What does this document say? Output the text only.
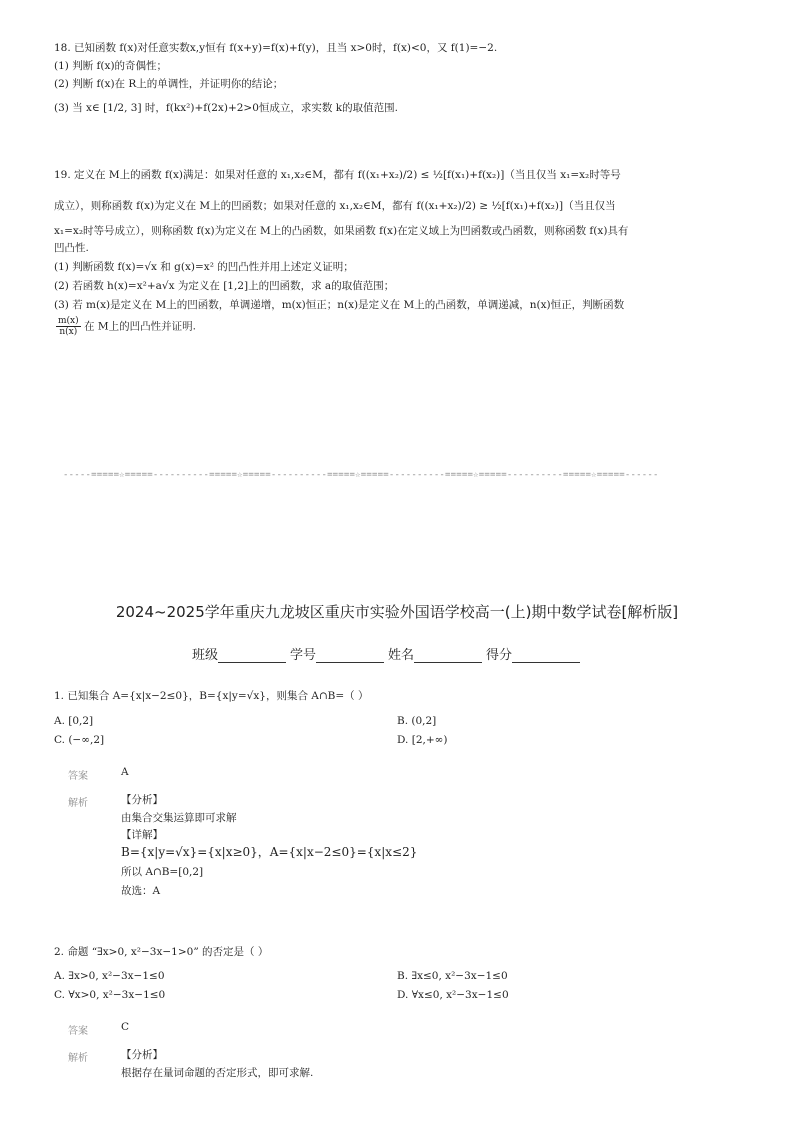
18. 已知函数 f(x)对任意实数x,y恒有 f(x+y)=f(x)+f(y)，且当 x>0时，f(x)<0，又 f(1)=−2.
(1) 判断 f(x)的奇偶性；
(2) 判断 f(x)在 R上的单调性，并证明你的结论；
(3) 当 x∈ [1/2, 3] 时，f(kx²)+f(2x)+2>0恒成立，求实数 k的取值范围.
19. 定义在 M上的函数 f(x)满足：如果对任意的 x₁,x₂∈M，都有 f((x₁+x₂)/2) ≤ ½[f(x₁)+f(x₂)]（当且仅当 x₁=x₂时等号
成立），则称函数 f(x)为定义在 M上的凹函数；如果对任意的 x₁,x₂∈M，都有 f((x₁+x₂)/2) ≥ ½[f(x₁)+f(x₂)]（当且仅当
x₁=x₂时等号成立），则称函数 f(x)为定义在 M上的凸函数，如果函数 f(x)在定义域上为凹函数或凸函数，则称函数 f(x)具有
凹凸性.
(1) 判断函数 f(x)=√x 和 g(x)=x² 的凹凸性并用上述定义证明；
(2) 若函数 h(x)=x²+a√x 为定义在 [1,2]上的凹函数，求 a的取值范围；
(3) 若 m(x)是定义在 M上的凹函数，单调递增，m(x)恒正；n(x)是定义在 M上的凸函数，单调递减，n(x)恒正，判断函数
$\frac{m(x)}{n(x)}$ 在 M上的凹凸性并证明.
-----=====☆=====----------=====☆=====----------=====☆=====----------=====☆=====----------=====☆=====------
2024~2025学年重庆九龙坡区重庆市实验外国语学校高一(上)期中数学试卷[解析版]
班级	学号	姓名	得分
1. 已知集合 A={x|x−2≤0}，B={x|y=√x}，则集合 A∩B=（ ）
A. [0,2]	B. (0,2]
C. (−∞,2]	D. [2,+∞)
答案	A
解析	【分析】
由集合交集运算即可求解
【详解】
B={x|y=√x}={x|x≥0}，A={x|x−2≤0}={x|x≤2}
所以 A∩B=[0,2]
故选：A
2. 命题 “∃x>0, x²−3x−1>0” 的否定是（ ）
A. ∃x>0, x²−3x−1≤0	B. ∃x≤0, x²−3x−1≤0
C. ∀x>0, x²−3x−1≤0	D. ∀x≤0, x²−3x−1≤0
答案	C
解析	【分析】
根据存在量词命题的否定形式，即可求解.
